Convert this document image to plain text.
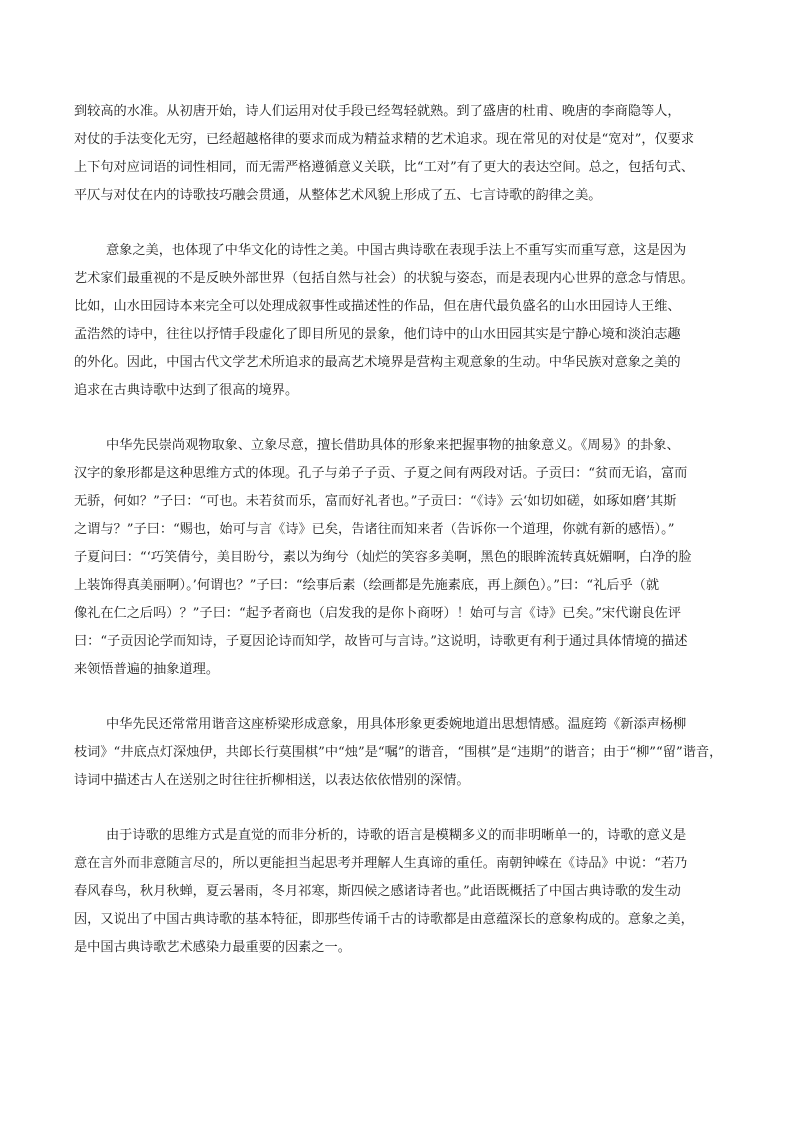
到较高的水准。从初唐开始，诗人们运用对仗手段已经驾轻就熟。到了盛唐的杜甫、晚唐的李商隐等人，
对仗的手法变化无穷，已经超越格律的要求而成为精益求精的艺术追求。现在常见的对仗是“宽对”，仅要求
上下句对应词语的词性相同，而无需严格遵循意义关联，比“工对”有了更大的表达空间。总之，包括句式、
平仄与对仗在内的诗歌技巧融会贯通，从整体艺术风貌上形成了五、七言诗歌的韵律之美。
意象之美，也体现了中华文化的诗性之美。中国古典诗歌在表现手法上不重写实而重写意，这是因为
艺术家们最重视的不是反映外部世界（包括自然与社会）的状貌与姿态，而是表现内心世界的意念与情思。
比如，山水田园诗本来完全可以处理成叙事性或描述性的作品，但在唐代最负盛名的山水田园诗人王维、
孟浩然的诗中，往往以抒情手段虚化了即目所见的景象，他们诗中的山水田园其实是宁静心境和淡泊志趣
的外化。因此，中国古代文学艺术所追求的最高艺术境界是营构主观意象的生动。中华民族对意象之美的
追求在古典诗歌中达到了很高的境界。
中华先民崇尚观物取象、立象尽意，擅长借助具体的形象来把握事物的抽象意义。《周易》的卦象、
汉字的象形都是这种思维方式的体现。孔子与弟子子贡、子夏之间有两段对话。子贡曰：“贫而无谄，富而
无骄，何如？”子曰：“可也。未若贫而乐，富而好礼者也。”子贡曰：“《诗》云‘如切如磋，如琢如磨’其斯
之谓与？”子曰：“赐也，始可与言《诗》已矣，告诸往而知来者（告诉你一个道理，你就有新的感悟）。”
子夏问曰：“‘巧笑倩兮，美目盼兮，素以为绚兮（灿烂的笑容多美啊，黑色的眼眸流转真妩媚啊，白净的脸
上装饰得真美丽啊）。’何谓也？”子曰：“绘事后素（绘画都是先施素底，再上颜色）。”曰：“礼后乎（就
像礼在仁之后吗）？”子曰：“起予者商也（启发我的是你卜商呀）！始可与言《诗》已矣。”宋代谢良佐评
曰：“子贡因论学而知诗，子夏因论诗而知学，故皆可与言诗。”这说明，诗歌更有利于通过具体情境的描述
来领悟普遍的抽象道理。
中华先民还常常用谐音这座桥梁形成意象，用具体形象更委婉地道出思想情感。温庭筠《新添声杨柳
枝词》“井底点灯深烛伊，共郎长行莫围棋”中“烛”是“嘱”的谐音，“围棋”是“违期”的谐音；由于“柳”“留”谐音，
诗词中描述古人在送别之时往往折柳相送，以表达依依惜别的深情。
由于诗歌的思维方式是直觉的而非分析的，诗歌的语言是模糊多义的而非明晰单一的，诗歌的意义是
意在言外而非意随言尽的，所以更能担当起思考并理解人生真谛的重任。南朝钟嵘在《诗品》中说：“若乃
春风春鸟，秋月秋蝉，夏云暑雨，冬月祁寒，斯四候之感诸诗者也。”此语既概括了中国古典诗歌的发生动
因，又说出了中国古典诗歌的基本特征，即那些传诵千古的诗歌都是由意蕴深长的意象构成的。意象之美，
是中国古典诗歌艺术感染力最重要的因素之一。
